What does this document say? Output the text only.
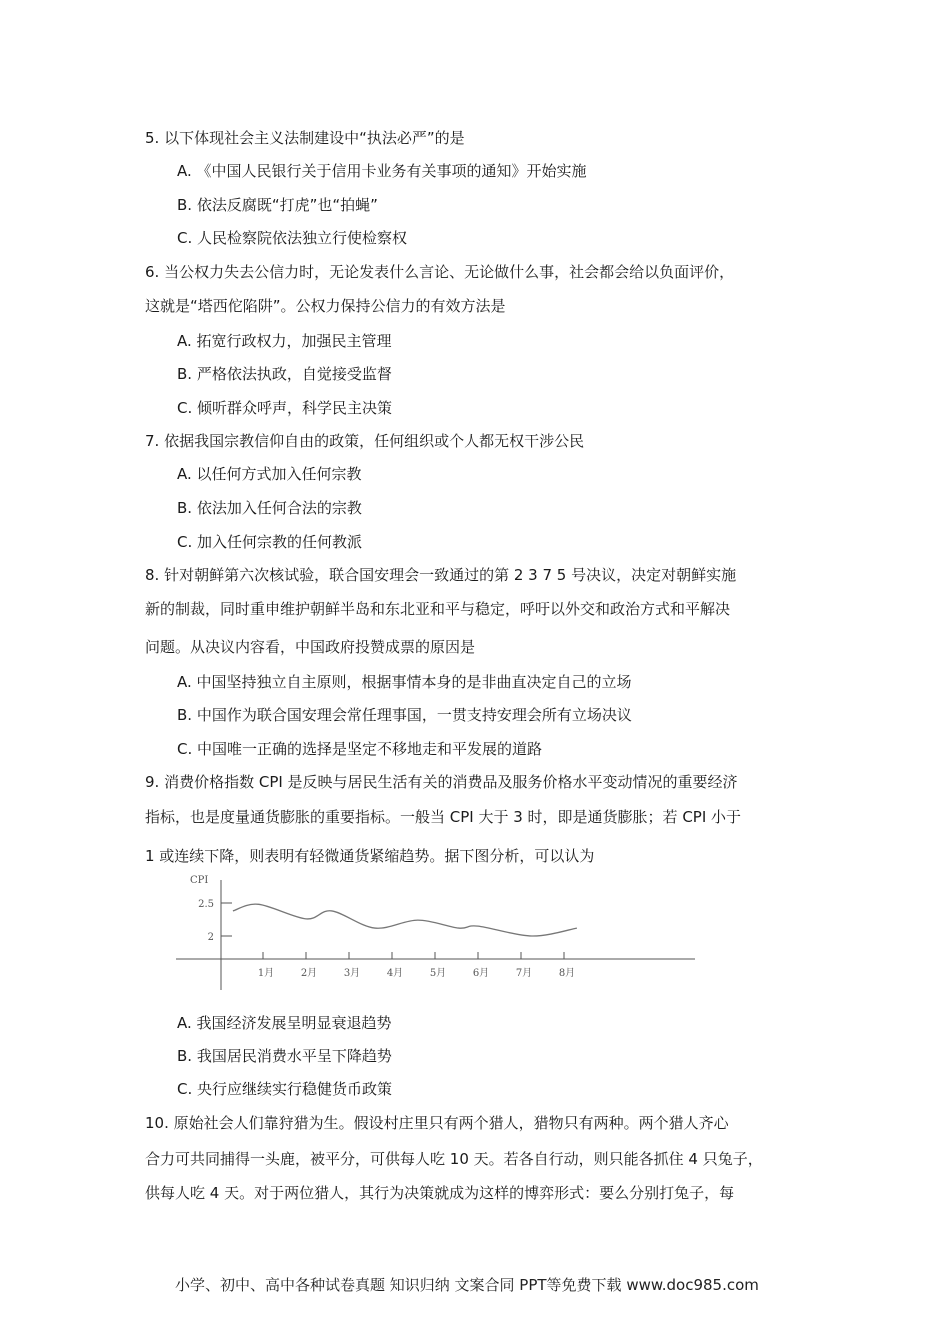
5. 以下体现社会主义法制建设中“执法必严”的是
A. 《中国人民银行关于信用卡业务有关事项的通知》开始实施
B. 依法反腐既“打虎”也“拍蝇”
C. 人民检察院依法独立行使检察权
6. 当公权力失去公信力时，无论发表什么言论、无论做什么事，社会都会给以负面评价，
这就是“塔西佗陷阱”。公权力保持公信力的有效方法是
A. 拓宽行政权力，加强民主管理
B. 严格依法执政，自觉接受监督
C. 倾听群众呼声，科学民主决策
7. 依据我国宗教信仰自由的政策，任何组织或个人都无权干涉公民
A. 以任何方式加入任何宗教
B. 依法加入任何合法的宗教
C. 加入任何宗教的任何教派
8. 针对朝鲜第六次核试验，联合国安理会一致通过的第 2 3 7 5 号决议，决定对朝鲜实施
新的制裁，同时重申维护朝鲜半岛和东北亚和平与稳定，呼吁以外交和政治方式和平解决
问题。从决议内容看，中国政府投赞成票的原因是
A. 中国坚持独立自主原则，根据事情本身的是非曲直决定自己的立场
B. 中国作为联合国安理会常任理事国，一贯支持安理会所有立场决议
C. 中国唯一正确的选择是坚定不移地走和平发展的道路
9. 消费价格指数 CPI 是反映与居民生活有关的消费品及服务价格水平变动情况的重要经济
指标，也是度量通货膨胀的重要指标。一般当 CPI 大于 3 时，即是通货膨胀；若 CPI 小于
1 或连续下降，则表明有轻微通货紧缩趋势。据下图分析，可以认为
A. 我国经济发展呈明显衰退趋势
B. 我国居民消费水平呈下降趋势
C. 央行应继续实行稳健货币政策
10. 原始社会人们靠狩猎为生。假设村庄里只有两个猎人，猎物只有两种。两个猎人齐心
合力可共同捕得一头鹿，被平分，可供每人吃 10 天。若各自行动，则只能各抓住 4 只兔子，
供每人吃 4 天。对于两位猎人，其行为决策就成为这样的博弈形式：要么分别打兔子，每
CPI
2.5
2
1月	2月	3月	4月	5月	6月	7月	8月
小学、初中、高中各种试卷真题 知识归纳 文案合同 PPT等免费下载 www.doc985.com
